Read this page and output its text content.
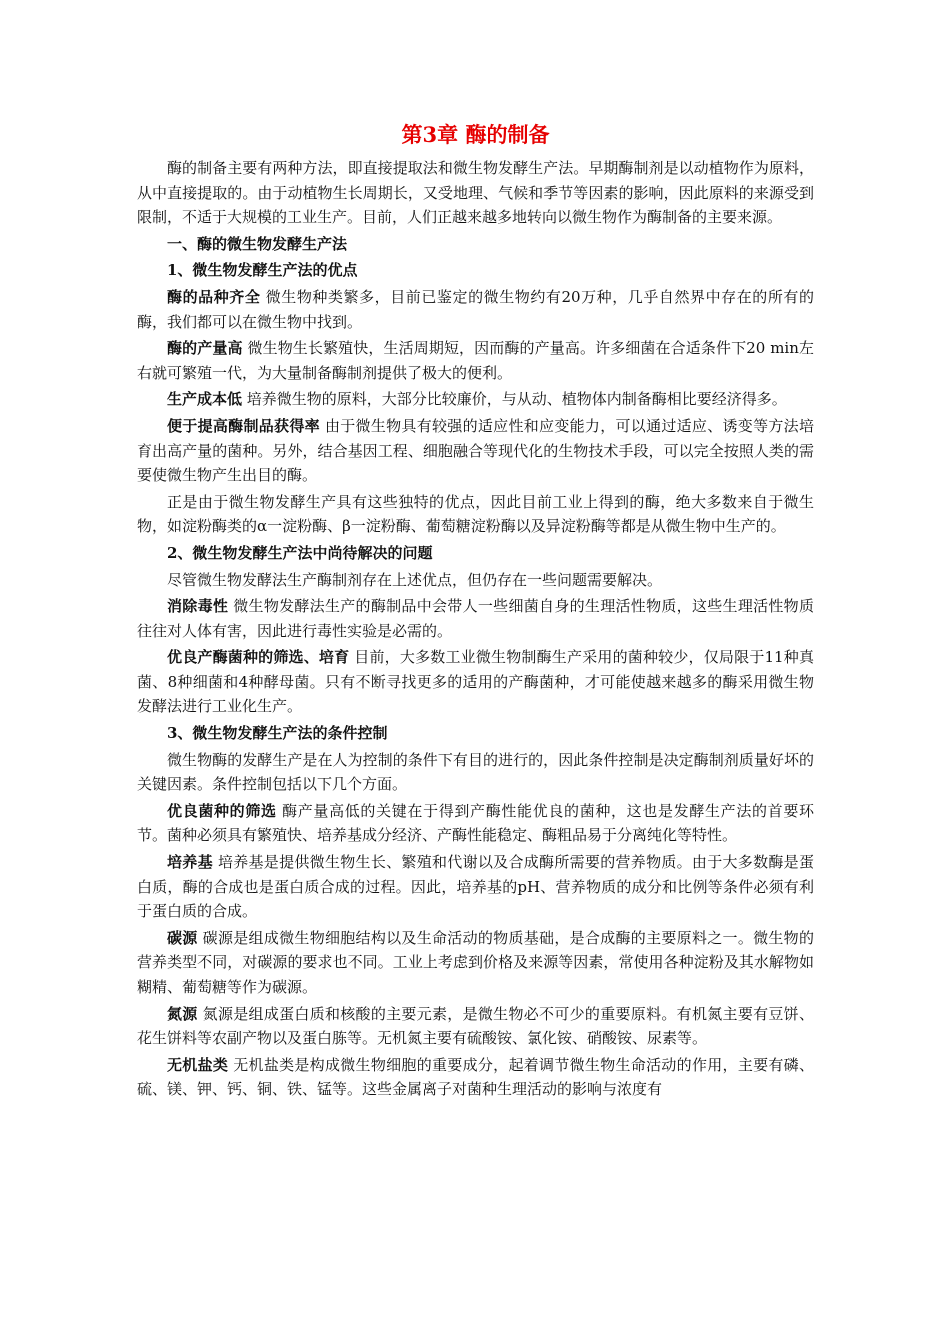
第3章 酶的制备

酶的制备主要有两种方法，即直接提取法和微生物发酵生产法。早期酶制剂是以动植物作为原料，从中直接提取的。由于动植物生长周期长，又受地理、气候和季节等因素的影响，因此原料的来源受到限制，不适于大规模的工业生产。目前，人们正越来越多地转向以微生物作为酶制备的主要来源。

一、酶的微生物发酵生产法

1、微生物发酵生产法的优点

酶的品种齐全 微生物种类繁多，目前已鉴定的微生物约有20万种，几乎自然界中存在的所有的酶，我们都可以在微生物中找到。

酶的产量高 微生物生长繁殖快，生活周期短，因而酶的产量高。许多细菌在合适条件下20 min左右就可繁殖一代，为大量制备酶制剂提供了极大的便利。

生产成本低 培养微生物的原料，大部分比较廉价，与从动、植物体内制备酶相比要经济得多。

便于提高酶制品获得率 由于微生物具有较强的适应性和应变能力，可以通过适应、诱变等方法培育出高产量的菌种。另外，结合基因工程、细胞融合等现代化的生物技术手段，可以完全按照人类的需要使微生物产生出目的酶。

正是由于微生物发酵生产具有这些独特的优点，因此目前工业上得到的酶，绝大多数来自于微生物，如淀粉酶类的α一淀粉酶、β一淀粉酶、葡萄糖淀粉酶以及异淀粉酶等都是从微生物中生产的。

2、微生物发酵生产法中尚待解决的问题

尽管微生物发酵法生产酶制剂存在上述优点，但仍存在一些问题需要解决。

消除毒性 微生物发酵法生产的酶制品中会带人一些细菌自身的生理活性物质，这些生理活性物质往往对人体有害，因此进行毒性实验是必需的。

优良产酶菌种的筛选、培育 目前，大多数工业微生物制酶生产采用的菌种较少，仅局限于11种真菌、8种细菌和4种酵母菌。只有不断寻找更多的适用的产酶菌种，才可能使越来越多的酶采用微生物发酵法进行工业化生产。

3、微生物发酵生产法的条件控制

微生物酶的发酵生产是在人为控制的条件下有目的进行的，因此条件控制是决定酶制剂质量好坏的关键因素。条件控制包括以下几个方面。

优良菌种的筛选 酶产量高低的关键在于得到产酶性能优良的菌种，这也是发酵生产法的首要环节。菌种必须具有繁殖快、培养基成分经济、产酶性能稳定、酶粗品易于分离纯化等特性。

培养基 培养基是提供微生物生长、繁殖和代谢以及合成酶所需要的营养物质。由于大多数酶是蛋白质，酶的合成也是蛋白质合成的过程。因此，培养基的pH、营养物质的成分和比例等条件必须有利于蛋白质的合成。

碳源 碳源是组成微生物细胞结构以及生命活动的物质基础，是合成酶的主要原料之一。微生物的营养类型不同，对碳源的要求也不同。工业上考虑到价格及来源等因素，常使用各种淀粉及其水解物如糊精、葡萄糖等作为碳源。

氮源 氮源是组成蛋白质和核酸的主要元素，是微生物必不可少的重要原料。有机氮主要有豆饼、花生饼料等农副产物以及蛋白胨等。无机氮主要有硫酸铵、氯化铵、硝酸铵、尿素等。

无机盐类 无机盐类是构成微生物细胞的重要成分，起着调节微生物生命活动的作用，主要有磷、硫、镁、钾、钙、铜、铁、锰等。这些金属离子对菌种生理活动的影响与浓度有
